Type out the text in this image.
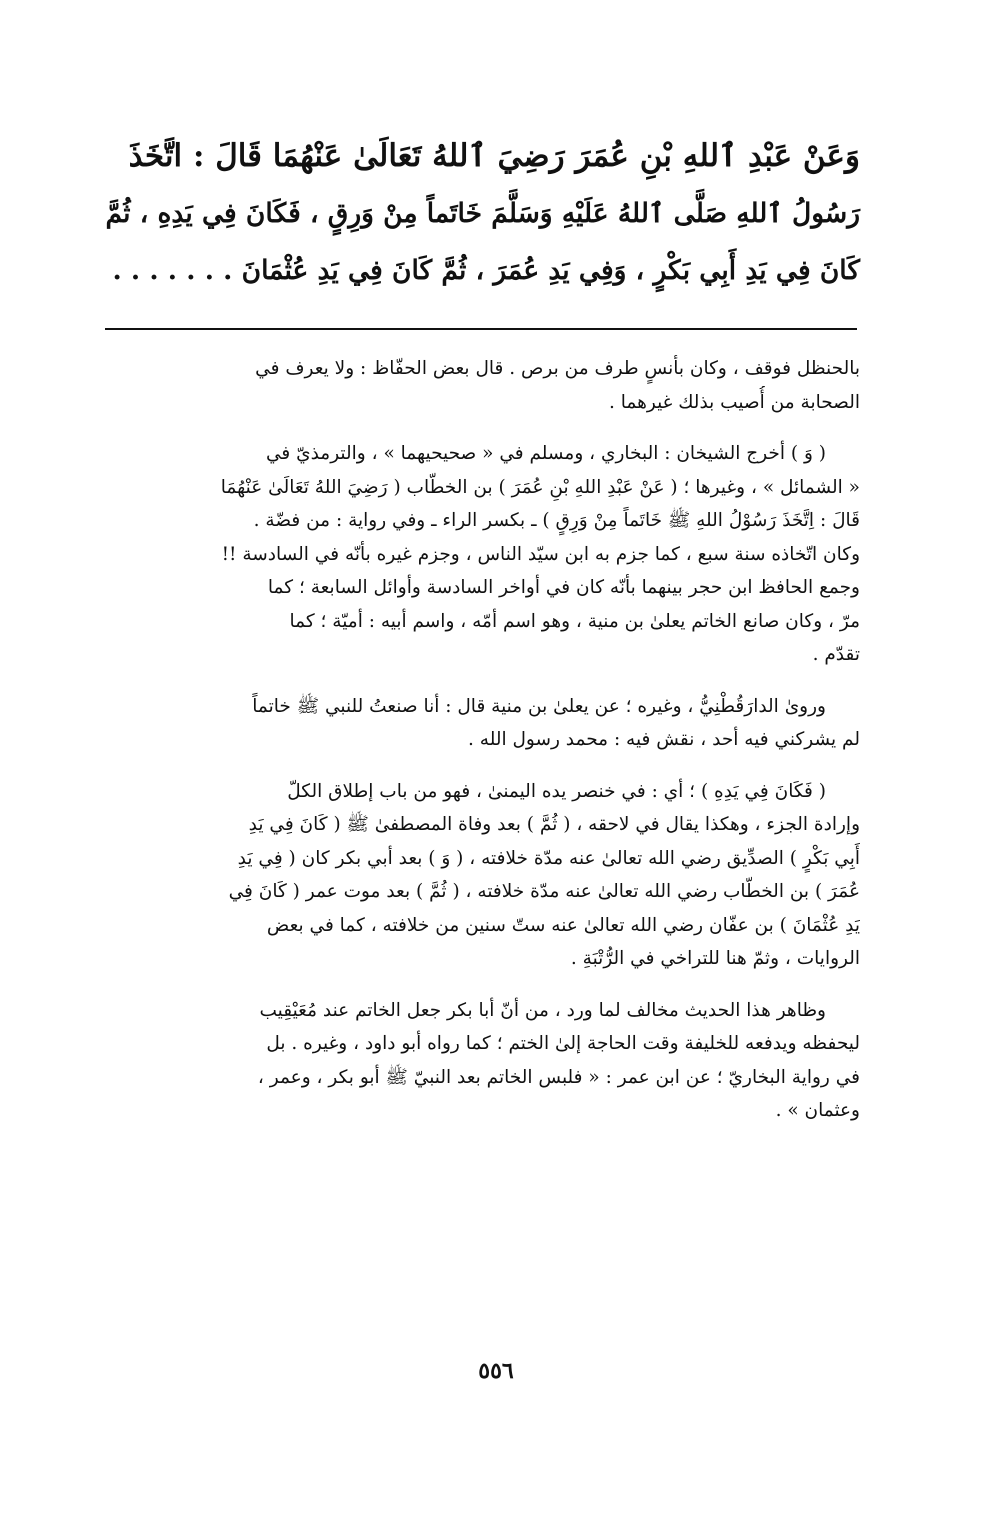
وَعَنْ عَبْدِ ٱللهِ بْنِ عُمَرَ رَضِيَ ٱللهُ تَعَالَىٰ عَنْهُمَا قَالَ : اتَّخَذَ
رَسُولُ ٱللهِ صَلَّى ٱللهُ عَلَيْهِ وَسَلَّمَ خَاتَماً مِنْ وَرِقٍ ، فَكَانَ فِي يَدِهِ ، ثُمَّ
كَانَ فِي يَدِ أَبِي بَكْرٍ ، وَفِي يَدِ عُمَرَ ، ثُمَّ كَانَ فِي يَدِ عُثْمَانَ . . . . . . .
بالحنظل فوقف ، وكان بأنسٍ طرف من برص . قال بعض الحفّاظ : ولا يعرف في
الصحابة من أُصيب بذلك غيرهما .
( وَ ) أخرج الشيخان : البخاري ، ومسلم في « صحيحيهما » ، والترمذيّ في
« الشمائل » ، وغيرها ؛ ( عَنْ عَبْدِ اللهِ بْنِ عُمَرَ ) بن الخطّاب ( رَضِيَ اللهُ تَعَالَىٰ عَنْهُمَا
قَالَ : اِتَّخَذَ رَسُوْلُ اللهِ ﷺ خَاتَماً مِنْ وَرِقٍ ) ـ بكسر الراء ـ وفي رواية : من فضّة .
وكان اتّخاذه سنة سبع ، كما جزم به ابن سيّد الناس ، وجزم غيره بأنّه في السادسة !!
وجمع الحافظ ابن حجر بينهما بأنّه كان في أواخر السادسة وأوائل السابعة ؛ كما
مرّ ، وكان صانع الخاتم يعلىٰ بن منية ، وهو اسم أمّه ، واسم أبيه : أميّة ؛ كما
تقدّم .
ورویٰ الدارَقُطْنِيُّ ، وغيره ؛ عن يعلىٰ بن منية قال : أنا صنعتُ للنبي ﷺ خاتماً
لم يشركني فيه أحد ، نقش فيه : محمد رسول الله .
( فَكَانَ فِي يَدِهِ ) ؛ أي : في خنصر يده اليمنىٰ ، فهو من باب إطلاق الكلّ
وإرادة الجزء ، وهكذا يقال في لاحقه ، ( ثُمَّ ) بعد وفاة المصطفىٰ ﷺ ( كَانَ فِي يَدِ
أَبِي بَكْرٍ ) الصدِّيق رضي الله تعالىٰ عنه مدّة خلافته ، ( وَ ) بعد أبي بكر كان ( فِي يَدِ
عُمَرَ ) بن الخطّاب رضي الله تعالىٰ عنه مدّة خلافته ، ( ثُمَّ ) بعد موت عمر ( كَانَ فِي
يَدِ عُثْمَانَ ) بن عفّان رضي الله تعالىٰ عنه ستّ سنين من خلافته ، كما في بعض
الروايات ، وثمّ هنا للتراخي في الرُّتْبَةِ .
وظاهر هذا الحديث مخالف لما ورد ، من أنّ أبا بكر جعل الخاتم عند مُعَيْقِيب
ليحفظه ويدفعه للخليفة وقت الحاجة إلىٰ الختم ؛ كما رواه أبو داود ، وغيره . بل
في رواية البخاريّ ؛ عن ابن عمر : « فلبس الخاتم بعد النبيّ ﷺ أبو بكر ، وعمر ،
وعثمان » .
٥٥٦
